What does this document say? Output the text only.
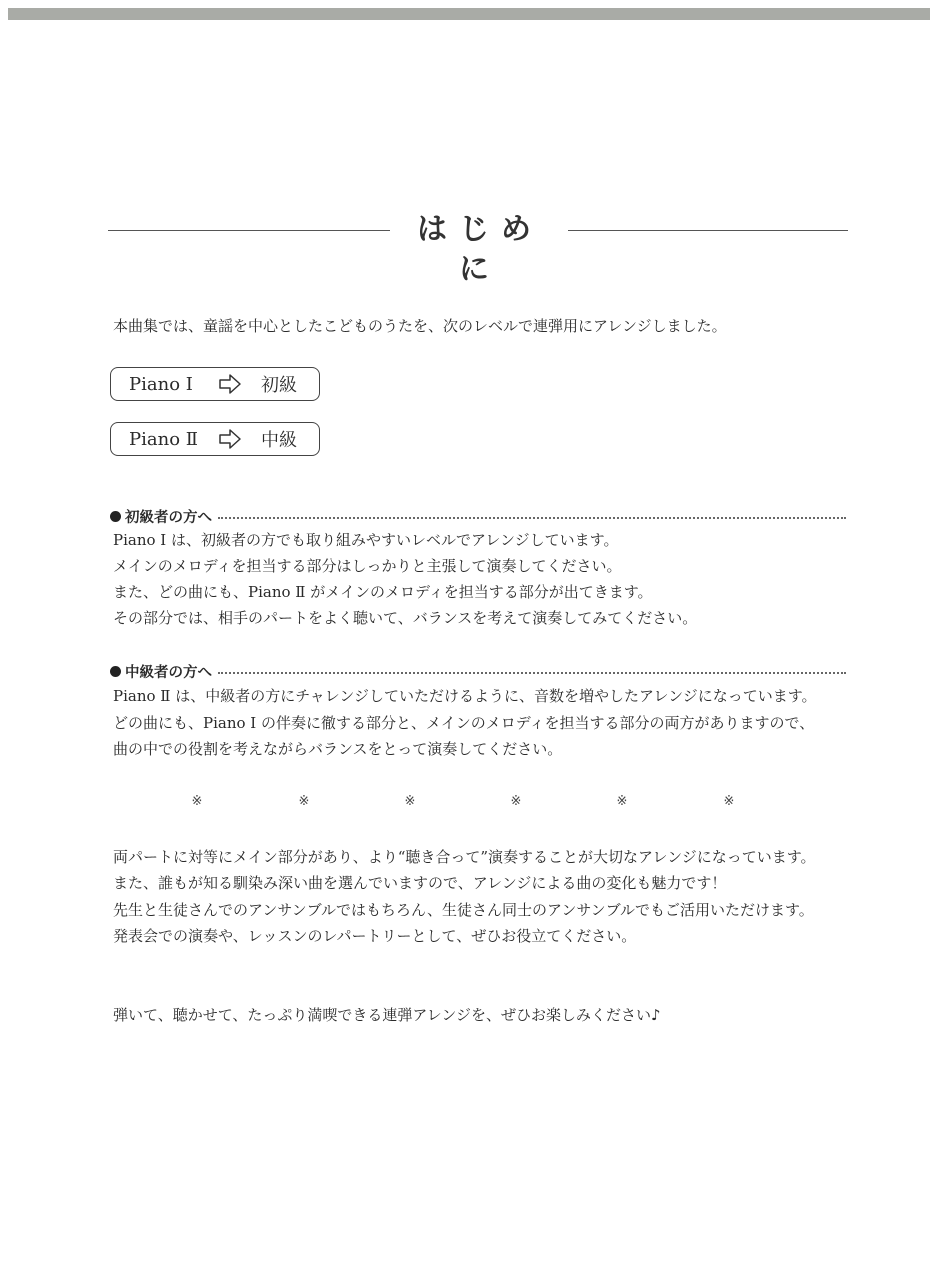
はじめに
本曲集では、童謡を中心としたこどものうたを、次のレベルで連弾用にアレンジしました。
Piano Ⅰ	初級
Piano Ⅱ	中級
初級者の方へ
Piano Ⅰ は、初級者の方でも取り組みやすいレベルでアレンジしています。
メインのメロディを担当する部分はしっかりと主張して演奏してください。
また、どの曲にも、Piano Ⅱ がメインのメロディを担当する部分が出てきます。
その部分では、相手のパートをよく聴いて、バランスを考えて演奏してみてください。
中級者の方へ
Piano Ⅱ は、中級者の方にチャレンジしていただけるように、音数を増やしたアレンジになっています。
どの曲にも、Piano Ⅰ の伴奏に徹する部分と、メインのメロディを担当する部分の両方がありますので、
曲の中での役割を考えながらバランスをとって演奏してください。
※	※	※	※	※	※
両パートに対等にメイン部分があり、より“聴き合って”演奏することが大切なアレンジになっています。
また、誰もが知る馴染み深い曲を選んでいますので、アレンジによる曲の変化も魅力です！
先生と生徒さんでのアンサンブルではもちろん、生徒さん同士のアンサンブルでもご活用いただけます。
発表会での演奏や、レッスンのレパートリーとして、ぜひお役立てください。
弾いて、聴かせて、たっぷり満喫できる連弾アレンジを、ぜひお楽しみください♪
